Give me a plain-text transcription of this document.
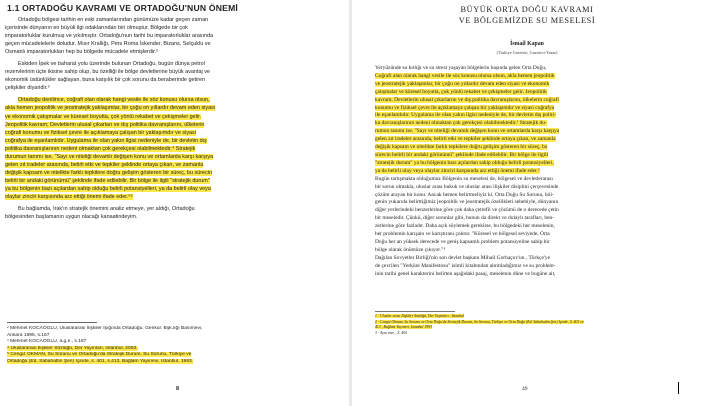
1.1 ORTADOĞU KAVRAMI VE ORTADOĞU'NUN ÖNEMİ
Ortadoğu bölgesi tarihin en eski zamanlarından günümüze kadar geçen zaman
içerisinde dünyanın en büyük ilgi odaklarından biri olmuştur. Bölgede bir çok
imparatorluklar kurulmuş ve yıkılmıştır. Ortadoğu'nun tarihi bu imparatorluklar arasında
geçen mücadelelerle doludur. Mısır Krallığı, Pers Roma İskender, Bizans, Selçuklu ve
Osmanlı imparatorlukları hep bu bölgede mücadele etmişlerdir.²
Eskiden İpek ve baharat yolu üzerinde bulunan Ortadoğu, bugün dünya petrol
rezervlerinin üçte ikisine sahip olup, bu özelliği ile bölge devletlerine büyük avantaj ve
ekonomik üstünlükler sağlayan, buna karşılık bir çok sorunu da beraberinde getiren
çelişkiler diyaridir.³
Ortadoğu denilince, coğrafi olan olarak hangi vesile ile söz konusu olursa olsun,
akla hemen jeopolitik ve jeostratejik yaklaşımlar, bir çoğu on yıllardır devam eden siyasi
ve ekonomik çatışmalar ve küresel boyutta, çok yönlü rekabet ve çekişmeler gelir.
Jeopolitik kavram; Devletlerin ulusal çıkarları ve dış politika davranışlarını, ülkelerin
coğrafi konumu ve fiziksel çevre ile açıklamaya çalışan bir yaklaşımdır ve siyasi
coğrafya ile eşanlamlıdır. Uygulama ile olan yakın ilgisi nedeniyle de, bir devletin dış
politika davranışlarının nedeni olmaktan çok gerekçesi olabilmektedir.⁴ Stratejik
durumun tanımı ise, "Sayı ve niteliği devamlı değişen konu ve ortamlarda karşı karşıya
gelen zıt iradeler arasında, belirli etki ve tepkiler şeklinde ortaya çıkan, ve zamanla
değişik kapsam ve nitelikte farklı tepkilere doğru gelişim gösteren bir süreç, bu sürecin
belirli bir andaki görünümü" şeklinde ifade edilebilir. Bir bölge ile ilgili "stratejik durum"
ya bu bölgenin bazı açılardan sahip olduğu belirli potansiyelleri, ya da belirli olay veya
olaylar zinciri karşısında arz ettiği önemi ifade eder.⁵⁶
Bu bağlamda, Irak'ın stratejik önemini analiz etmeye, yer aldığı, Ortadoğu
bölgesinden başlamanın uygun olacağı kanaatindeyim.
² Mehmet KOCAOĞLU, Uluslararası İlişkiler Işığında Ortadoğu. Genkur. Bşk.lığı Basımevi,
Ankara 1995, s.167
³ Mehmet KOCAOĞLU, a.g.e., s.167
⁴ Uluslararası İlişkiler Sözlüğü, Der Yayınları, İstanbul, 2003.
⁵ Cengiz OKMAN, Su Sorunu ve Ortadoğu'da Stratejik Durum, Su Sorunu, Türkiye ve
Ortadoğu (Ed. Sabahattin Şen) İçinde, s. 401, s.413, Bağlam Yayınevi, İstanbul, 1993.
8
BÜYÜK ORTA DOĞU KAVRAMI
VE BÖLGEMİZDE SU MESELESİ
İsmail Kapan
(Türkiye Gazetesi, Gazeteci-Yazar)
Yeryüzünde su kıtlığı ve su strest yaşayan bölgelerin başında gelen Orta Doğu,
Coğrafi alan olarak hangi vesile ile söz konusu olursa olsun, akla hemen jeopolitik
ve jeostratejik yaklaşımlar, bir çoğu on yıllardır devam eden siyasi ve ekonomik
çatışmalar ve küresel boyutta, çok yönlü rekabet ve çekişmeler gelir. Jeopolitik
kavram; Devletlerin ulusal çıkarlarını ve dış politika davranışlarını, ülkelerin coğrafi
konumu ve fiziksel çevre ile açıklamaya çalışan bir yaklaşımdır ve siyasi coğrafya
ile eşanlamlıdır. Uygulama ile olan yakın ilgisi nedeniyle de, bir devletin dış politi-
ka davranışlarının nedeni olmaktan çok gerekçesi olabilmektedir.¹ Stratejik du-
rumun tanımı ise, "Sayı ve niteliği devamlı değişen konu ve ortamlarda karşı karşıya
gelen zıt iradeler arasında, belirli etki ve tepkiler şeklinde ortaya çıkan, ve zamanla
değişik kapsam ve nitelikte farklı tepkilere doğru gelişim gösteren bir süreç, bu
sürecin belirli bir andaki görünümü" şeklinde ifade edilebilir. Bir bölge ile ilgili
"stratejik durum" ya bu bölgenin bazı açılardan sahip olduğu belirli potansiyelleri,
ya da belirli olay veya olaylar zinciri karşısında arz ettiği önemi ifade eder.²
Bugün tartışmakta olduğumuz Bölgenin su meselesi de, bölgesel ve devletlerarası
bir sorun olmakla, uluslar arası hukuk ve uluslar arası ilişkiler disiplini çerçevesinde
çözüm arayan bir konu. Ancak hemen belirtmeliyiz ki, Orta Doğu Su Sorunu, böl-
genin yukarıda belirttiğimiz jeopolitik ve jeostratejik özellikleri sebebiyle, dünyanın
diğer yerlerindeki benzerlerine göre çok daha çetrefil ve çözümü de o derecede çetin
bir meseledir. Çünkü, diğer sorunlar gibi, bunun da direkt ve dolaylı tarafları, ben-
zerlerine göre fazladır. Daha açık söylemek gerekirse, bu bölgedeki her meselenin,
her problemin karışanı ve karıştıranı çoktur. "Küresel ve bölgesel seviyede, Orta
Doğu her an yüksek derecede ve geniş kapsamlı problem potansiyeline sahip bir
bölge olarak önümüze çıkıyor."³
Dağılan Sovyetler Birliği'nin son devlet başkanı Mihail Gorbaçov'un , Türkçe'ye
de çevrilen "Yerküre Manifestosu" isimli kitabından alıntıladığımız ve su problem-
inin tarihi genel karakterini belirten aşağıdaki pasaj, meselenin düne ve bugüne ait,
1 - Uluslar arası İlişkiler Sözlüğü, Der Yayınları , İstanbul
2 - Cengiz Okman, Su Sorunu ve Orta Doğu'da Stratejik Durum, Su Sorunu, Türkiye ve Orta Doğu (Ed. Sabahattin Şen) İçinde, S. 401 ve
413 , Bağlam Yayınevi, İstanbul 1993
3 - Aynı eser, , S. 404
49
